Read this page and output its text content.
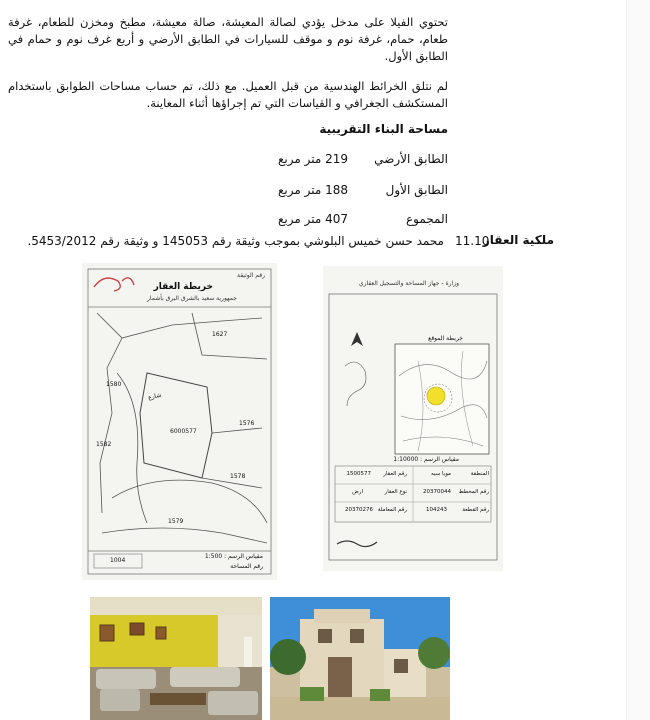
تحتوي الفيلا على مدخل يؤدي لصالة المعيشة، صالة معيشة، مطبخ ومخزن للطعام، غرفة طعام، حمام، غرفة نوم و موقف للسيارات في الطابق الأرضي و أربع غرف نوم و حمام في الطابق الأول.
لم نتلق الخرائط الهندسية من قبل العميل. مع ذلك، تم حساب مساحات الطوابق باستخدام المستكشف الجغرافي و القياسات التي تم إجراؤها أثناء المعاينة.
مساحة البناء التقريبية
الطابق الأرضي
219 متر مربع
الطابق الأول
188 متر مربع
المجموع
407 متر مربع
ملكية العقار
11.10
محمد حسن خميس البلوشي بموجب وثيقة رقم 145053 و وثيقة رقم 5453/2012.
خريطة العقار
جمهورية سعيد بالشرق البرق بأشمار
رقم الوثيقة
1627
1580
1582
1576
1578
1579
6000577
شارع
مقياس الرسم : 1:500
رقم المساحة
1004
وزارة - جهاز المساحة والتسجيل العقاري
خريطة الموقع
مقياس الرسم : 1:10000
المنطقة
مويا سيه
رقم العقار
1500577
رقم المخطط
20370044
نوع العقار
ارض
رقم القطعة
104243
رقم المعاملة
20370276
